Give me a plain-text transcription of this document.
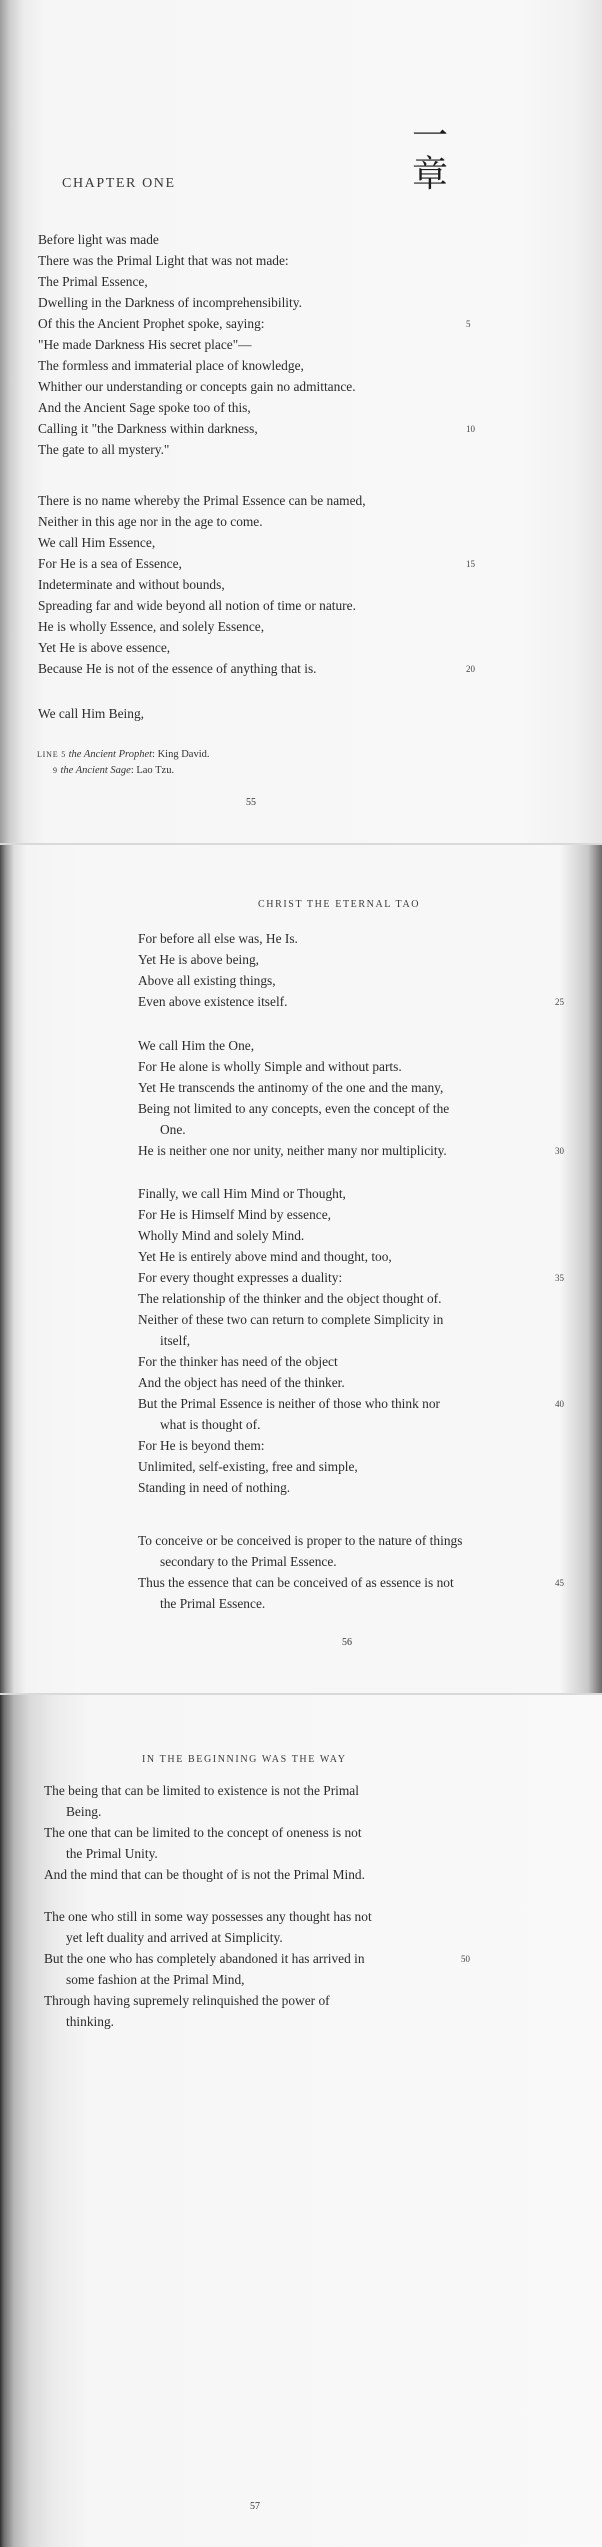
一
章
CHAPTER ONE
Before light was made
There was the Primal Light that was not made:
The Primal Essence,
Dwelling in the Darkness of incomprehensibility.
Of this the Ancient Prophet spoke, saying:	5
"He made Darkness His secret place"—
The formless and immaterial place of knowledge,
Whither our understanding or concepts gain no admittance.
And the Ancient Sage spoke too of this,
Calling it "the Darkness within darkness,	10
The gate to all mystery."
There is no name whereby the Primal Essence can be named,
Neither in this age nor in the age to come.
We call Him Essence,
For He is a sea of Essence,	15
Indeterminate and without bounds,
Spreading far and wide beyond all notion of time or nature.
He is wholly Essence, and solely Essence,
Yet He is above essence,
Because He is not of the essence of anything that is.	20
We call Him Being,
LINE 5 the Ancient Prophet: King David.
9 the Ancient Sage: Lao Tzu.
55
CHRIST THE ETERNAL TAO
For before all else was, He Is.
Yet He is above being,
Above all existing things,
Even above existence itself.	25
We call Him the One,
For He alone is wholly Simple and without parts.
Yet He transcends the antinomy of the one and the many,
Being not limited to any concepts, even the concept of the
One.
He is neither one nor unity, neither many nor multiplicity.	30
Finally, we call Him Mind or Thought,
For He is Himself Mind by essence,
Wholly Mind and solely Mind.
Yet He is entirely above mind and thought, too,
For every thought expresses a duality:	35
The relationship of the thinker and the object thought of.
Neither of these two can return to complete Simplicity in
itself,
For the thinker has need of the object
And the object has need of the thinker.
But the Primal Essence is neither of those who think nor	40
what is thought of.
For He is beyond them:
Unlimited, self-existing, free and simple,
Standing in need of nothing.
To conceive or be conceived is proper to the nature of things
secondary to the Primal Essence.
Thus the essence that can be conceived of as essence is not	45
the Primal Essence.
56
IN THE BEGINNING WAS THE WAY
The being that can be limited to existence is not the Primal
Being.
The one that can be limited to the concept of oneness is not
the Primal Unity.
And the mind that can be thought of is not the Primal Mind.
The one who still in some way possesses any thought has not
yet left duality and arrived at Simplicity.
But the one who has completely abandoned it has arrived in	50
some fashion at the Primal Mind,
Through having supremely relinquished the power of
thinking.
57
